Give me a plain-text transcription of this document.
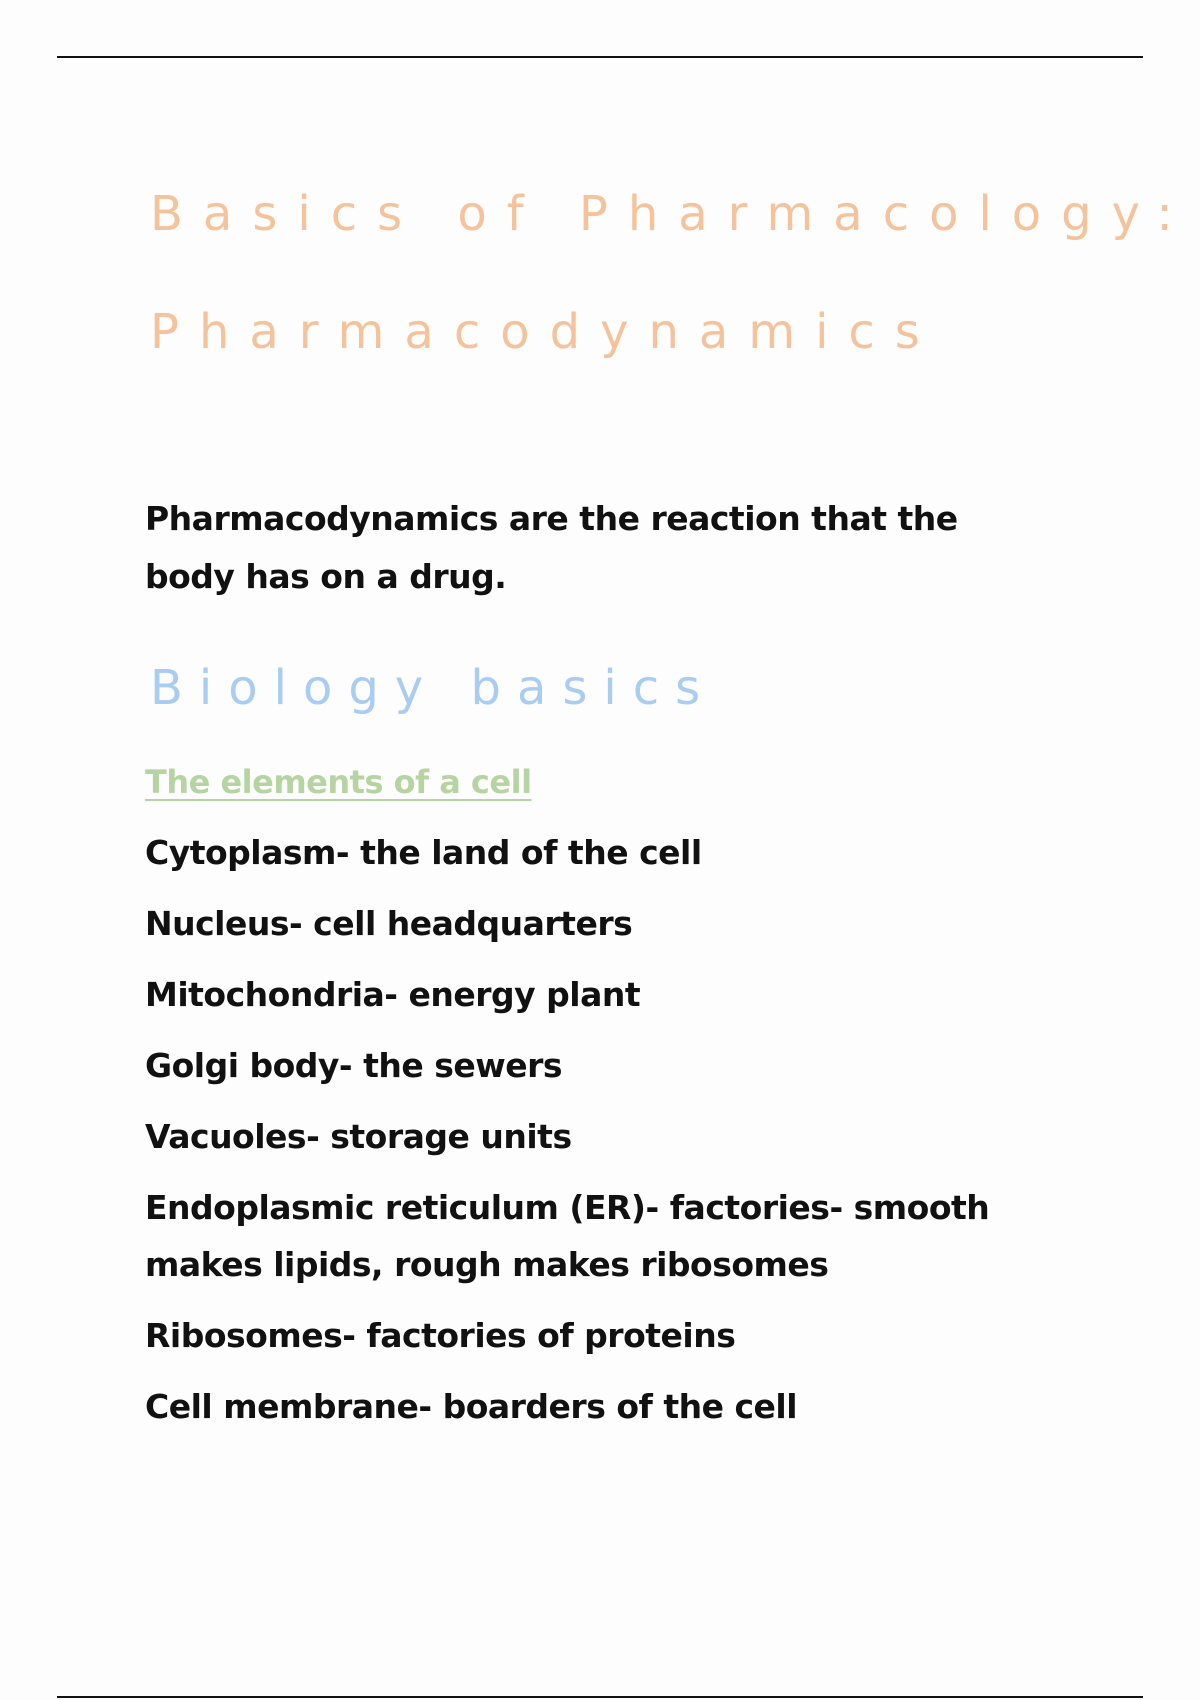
Basics of Pharmacology:
Pharmacodynamics

Pharmacodynamics are the reaction that the body has on a drug.

Biology basics
The elements of a cell
Cytoplasm- the land of the cell
Nucleus- cell headquarters
Mitochondria- energy plant
Golgi body- the sewers
Vacuoles- storage units
Endoplasmic reticulum (ER)- factories- smooth makes lipids, rough makes ribosomes
Ribosomes- factories of proteins
Cell membrane- boarders of the cell
